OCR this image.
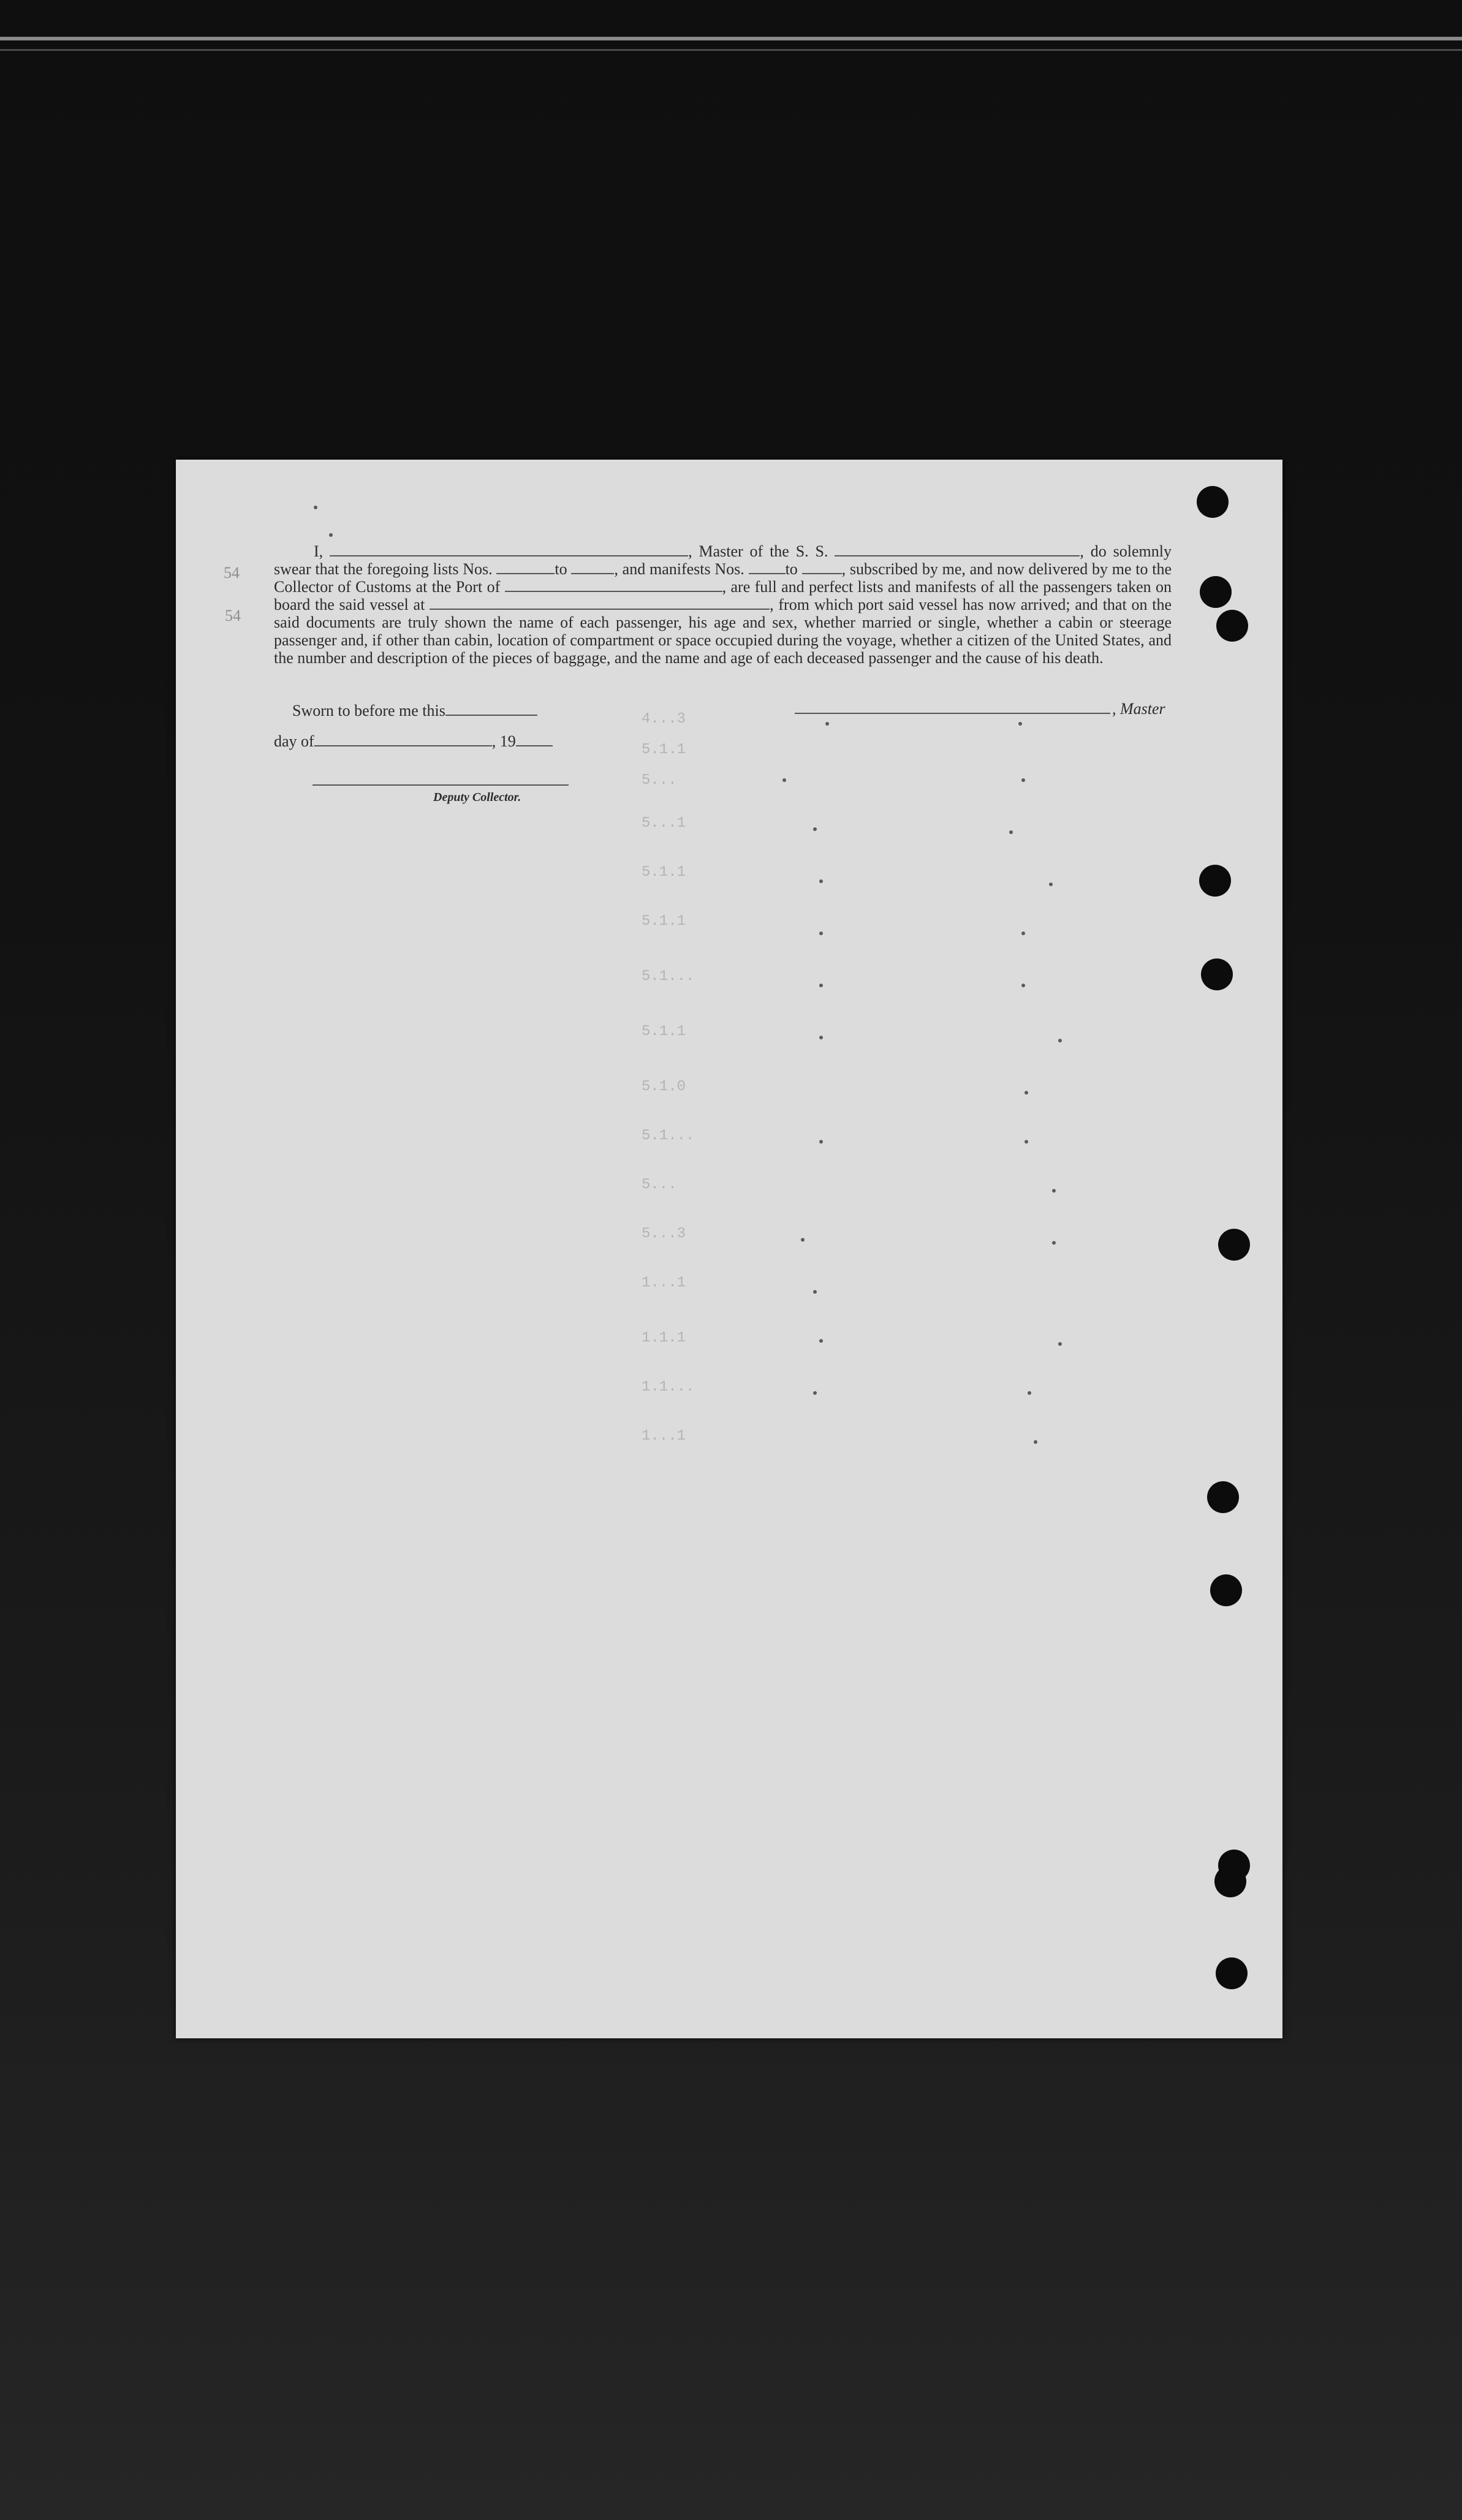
54
54
I,	, Master of the S. S.	, do solemnly swear that the foregoing lists Nos.	to	, and manifests Nos.	to	, subscribed by me, and now delivered by me to the Collector of Customs at the Port of	, are full and perfect lists and manifests of all the passengers taken on board the said vessel at	, from which port said vessel has now arrived; and that on the said documents are truly shown the name of each passenger, his age and sex, whether married or single, whether a cabin or steerage passenger and, if other than cabin, location of compartment or space occupied during the voyage, whether a citizen of the United States, and the number and description of the pieces of baggage, and the name and age of each deceased passenger and the cause of his death.
Sworn to before me this
day of	, 19
Deputy Collector.
, Master
4...3
5.1.1
5...
5...1
5.1.1
5.1.1
5.1...
5.1.1
5.1.0
5.1...
5...
5...3
1...1
1.1.1
1.1...
1...1
